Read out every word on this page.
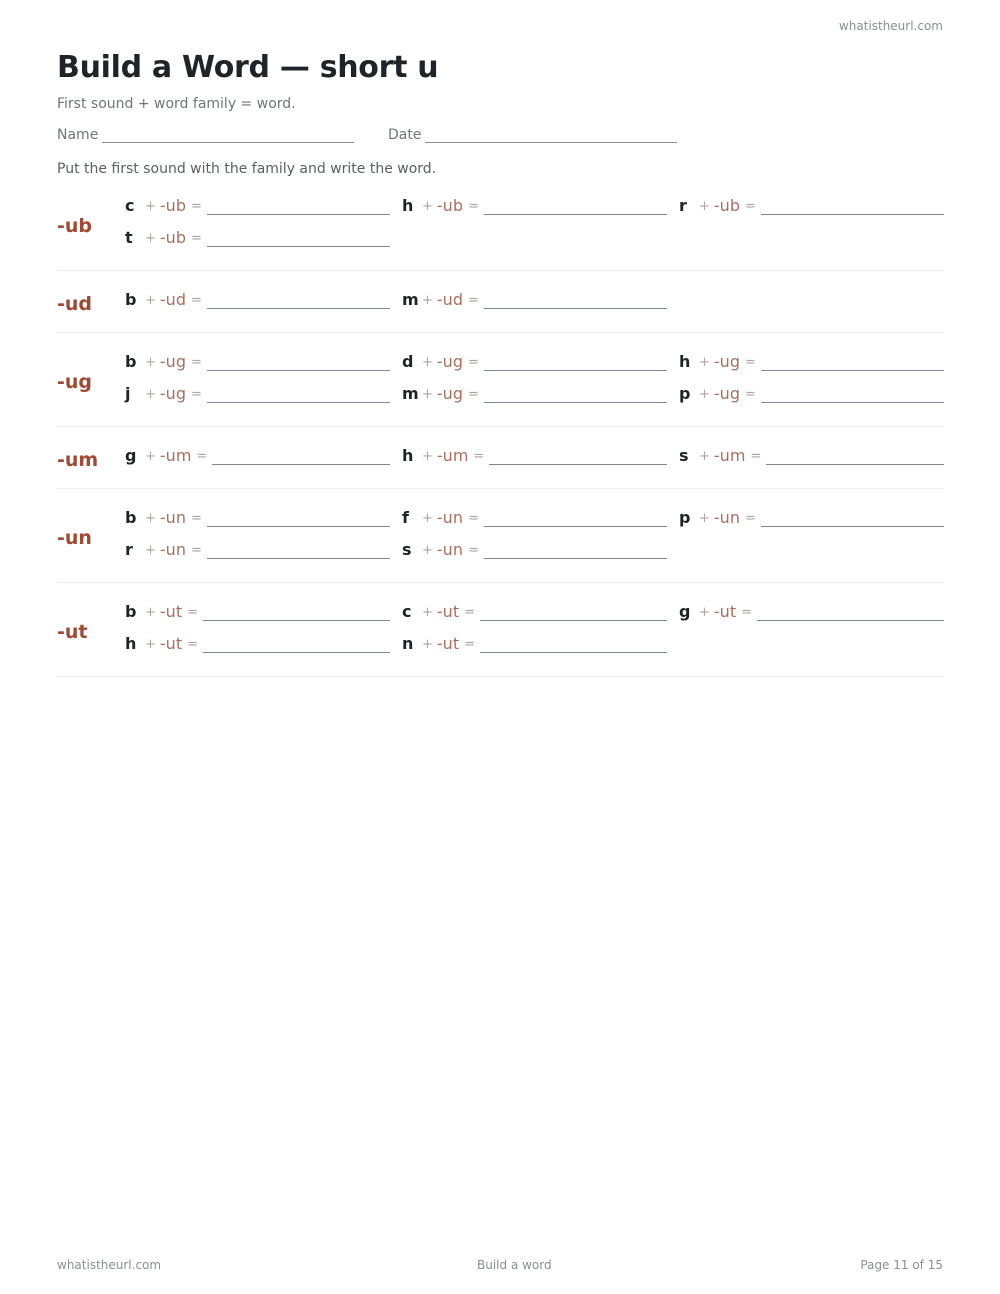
whatistheurl.com
Build a Word — short u
First sound + word family = word.
Name	Date
Put the first sound with the family and write the word.
-ub
c + -ub =	h + -ub =	r + -ub =
t + -ub =
-ud b + -ud =	m + -ud =
-ug
b + -ug =	d + -ug =	h + -ug =
j	+ -ug =	m + -ug =	p + -ug =
-um g + -um =	h + -um =	s + -um =
-un
b + -un =	f	+ -un =	p + -un =
r + -un =	s + -un =
-ut
b + -ut =	c + -ut =	g + -ut =
h + -ut =	n + -ut =
whatistheurl.com	Build a word	Page 11 of 15
